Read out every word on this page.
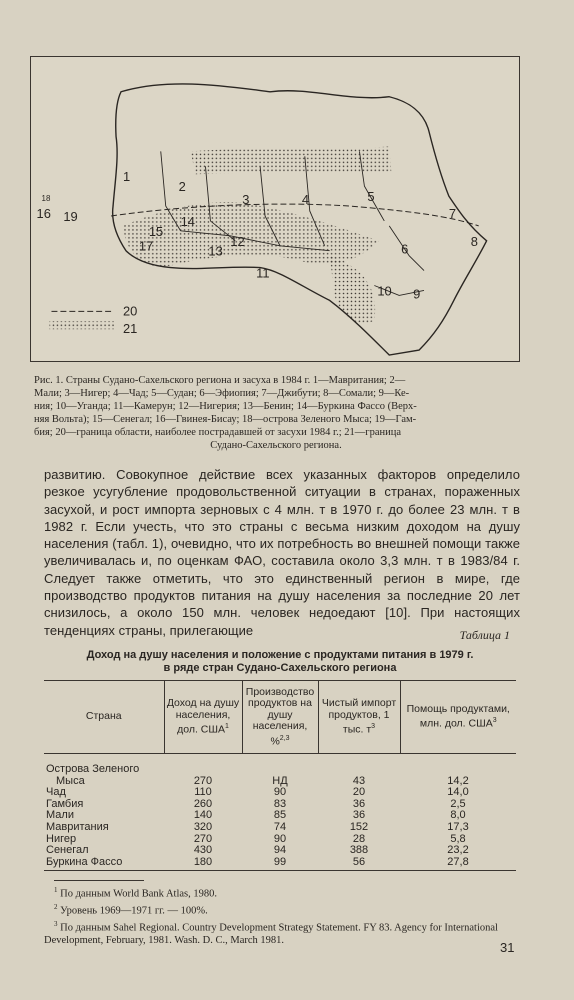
1
2
3	4	5
6
7
8
9
10
11
12
13
14
15
16
17
18
19
20
21
Рис. 1. Страны Судано-Сахельского региона и засуха в 1984 г. 1—Мавритания; 2—
Мали; 3—Нигер; 4—Чад; 5—Судан; 6—Эфиопия; 7—Джибути; 8—Сомали; 9—Ке-
ния; 10—Уганда; 11—Камерун; 12—Нигерия; 13—Бенин; 14—Буркина Фассо (Верх-
няя Вольта); 15—Сенегал; 16—Гвинея-Бисау; 18—острова Зеленого Мыса; 19—Гам-
бия; 20—граница области, наиболее пострадавшей от засухи 1984 г.; 21—граница
Судано-Сахельского региона.
развитию. Совокупное действие всех указанных факторов определило резкое усугубление продовольственной ситуации в странах, пораженных засухой, и рост импорта зерновых с 4 млн. т в 1970 г. до более 23 млн. т в 1982 г. Если учесть, что это страны с весьма низким доходом на душу населения (табл. 1), очевидно, что их потребность во внешней помощи также увеличивалась и, по оценкам ФАО, составила около 3,3 млн. т в 1983/84 г. Следует также отметить, что это единственный регион в мире, где производство продуктов питания на душу населения за последние 20 лет снизилось, а около 150 млн. человек недоедают [10]. При настоящих тенденциях страны, прилегающие	Таблица 1
Доход на душу населения и положение с продуктами питания в 1979 г.
в ряде стран Судано-Сахельского региона
Страна	Доход на душу населения, дол. США$^1$	Производство продуктов на душу населения, %$^{2,3}$	Чистый импорт продуктов, 1 тыс. $т^3$	Помощь продуктами, млн. дол. США$^3$
Острова Зеленого				
Мыса	270	НД	43	14,2
Чад	110	90	20	14,0
Гамбия	260	83	36	2,5
Мали	140	85	36	8,0
Мавритания	320	74	152	17,3
Нигер	270	90	28	5,8
Сенегал	430	94	388	23,2
Буркина Фассо	180	99	56	27,8
$^1$ По данным World Bank Atlas, 1980.
$^2$ Уровень 1969—1971 гг. — 100%.
$^3$ По данным Sahel Regional. Country Development Strategy Statement. FY 83. Agency for International Development, February, 1981. Wash. D. C., March 1981.	31
